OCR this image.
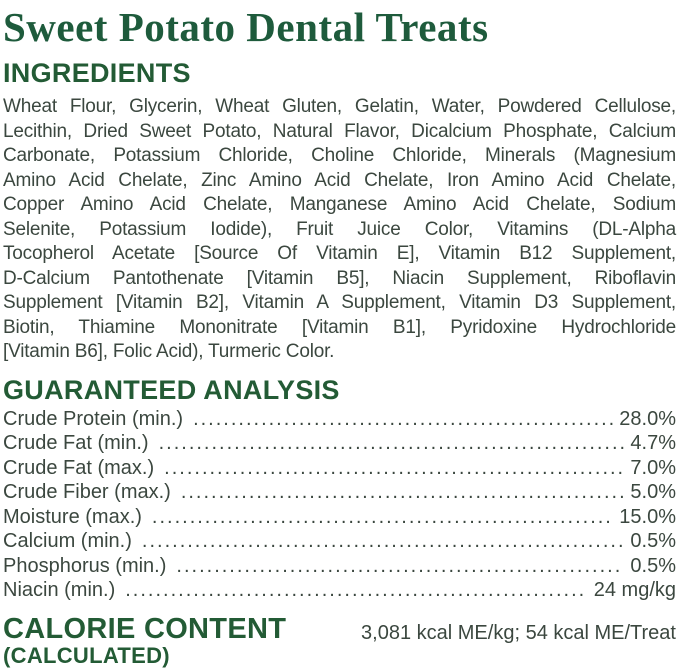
Sweet Potato Dental Treats
INGREDIENTS
Wheat Flour, Glycerin, Wheat Gluten, Gelatin, Water, Powdered Cellulose,
Lecithin, Dried Sweet Potato, Natural Flavor, Dicalcium Phosphate, Calcium
Carbonate, Potassium Chloride, Choline Chloride, Minerals (Magnesium
Amino Acid Chelate, Zinc Amino Acid Chelate, Iron Amino Acid Chelate,
Copper Amino Acid Chelate, Manganese Amino Acid Chelate, Sodium
Selenite, Potassium Iodide), Fruit Juice Color, Vitamins (DL-Alpha
Tocopherol Acetate [Source Of Vitamin E], Vitamin B12 Supplement,
D-Calcium Pantothenate [Vitamin B5], Niacin Supplement, Riboflavin
Supplement [Vitamin B2], Vitamin A Supplement, Vitamin D3 Supplement,
Biotin, Thiamine Mononitrate [Vitamin B1], Pyridoxine Hydrochloride
[Vitamin B6], Folic Acid), Turmeric Color.
GUARANTEED ANALYSIS
Crude Protein (min.) .....	28.0%
Crude Fat (min.) .....	4.7%
Crude Fat (max.) .....	7.0%
Crude Fiber (max.) .....	5.0%
Moisture (max.) .....	15.0%
Calcium (min.) .....	0.5%
Phosphorus (min.) .....	0.5%
Niacin (min.) .....	24 mg/kg
CALORIE CONTENT
(CALCULATED)
3,081 kcal ME/kg; 54 kcal ME/Treat
